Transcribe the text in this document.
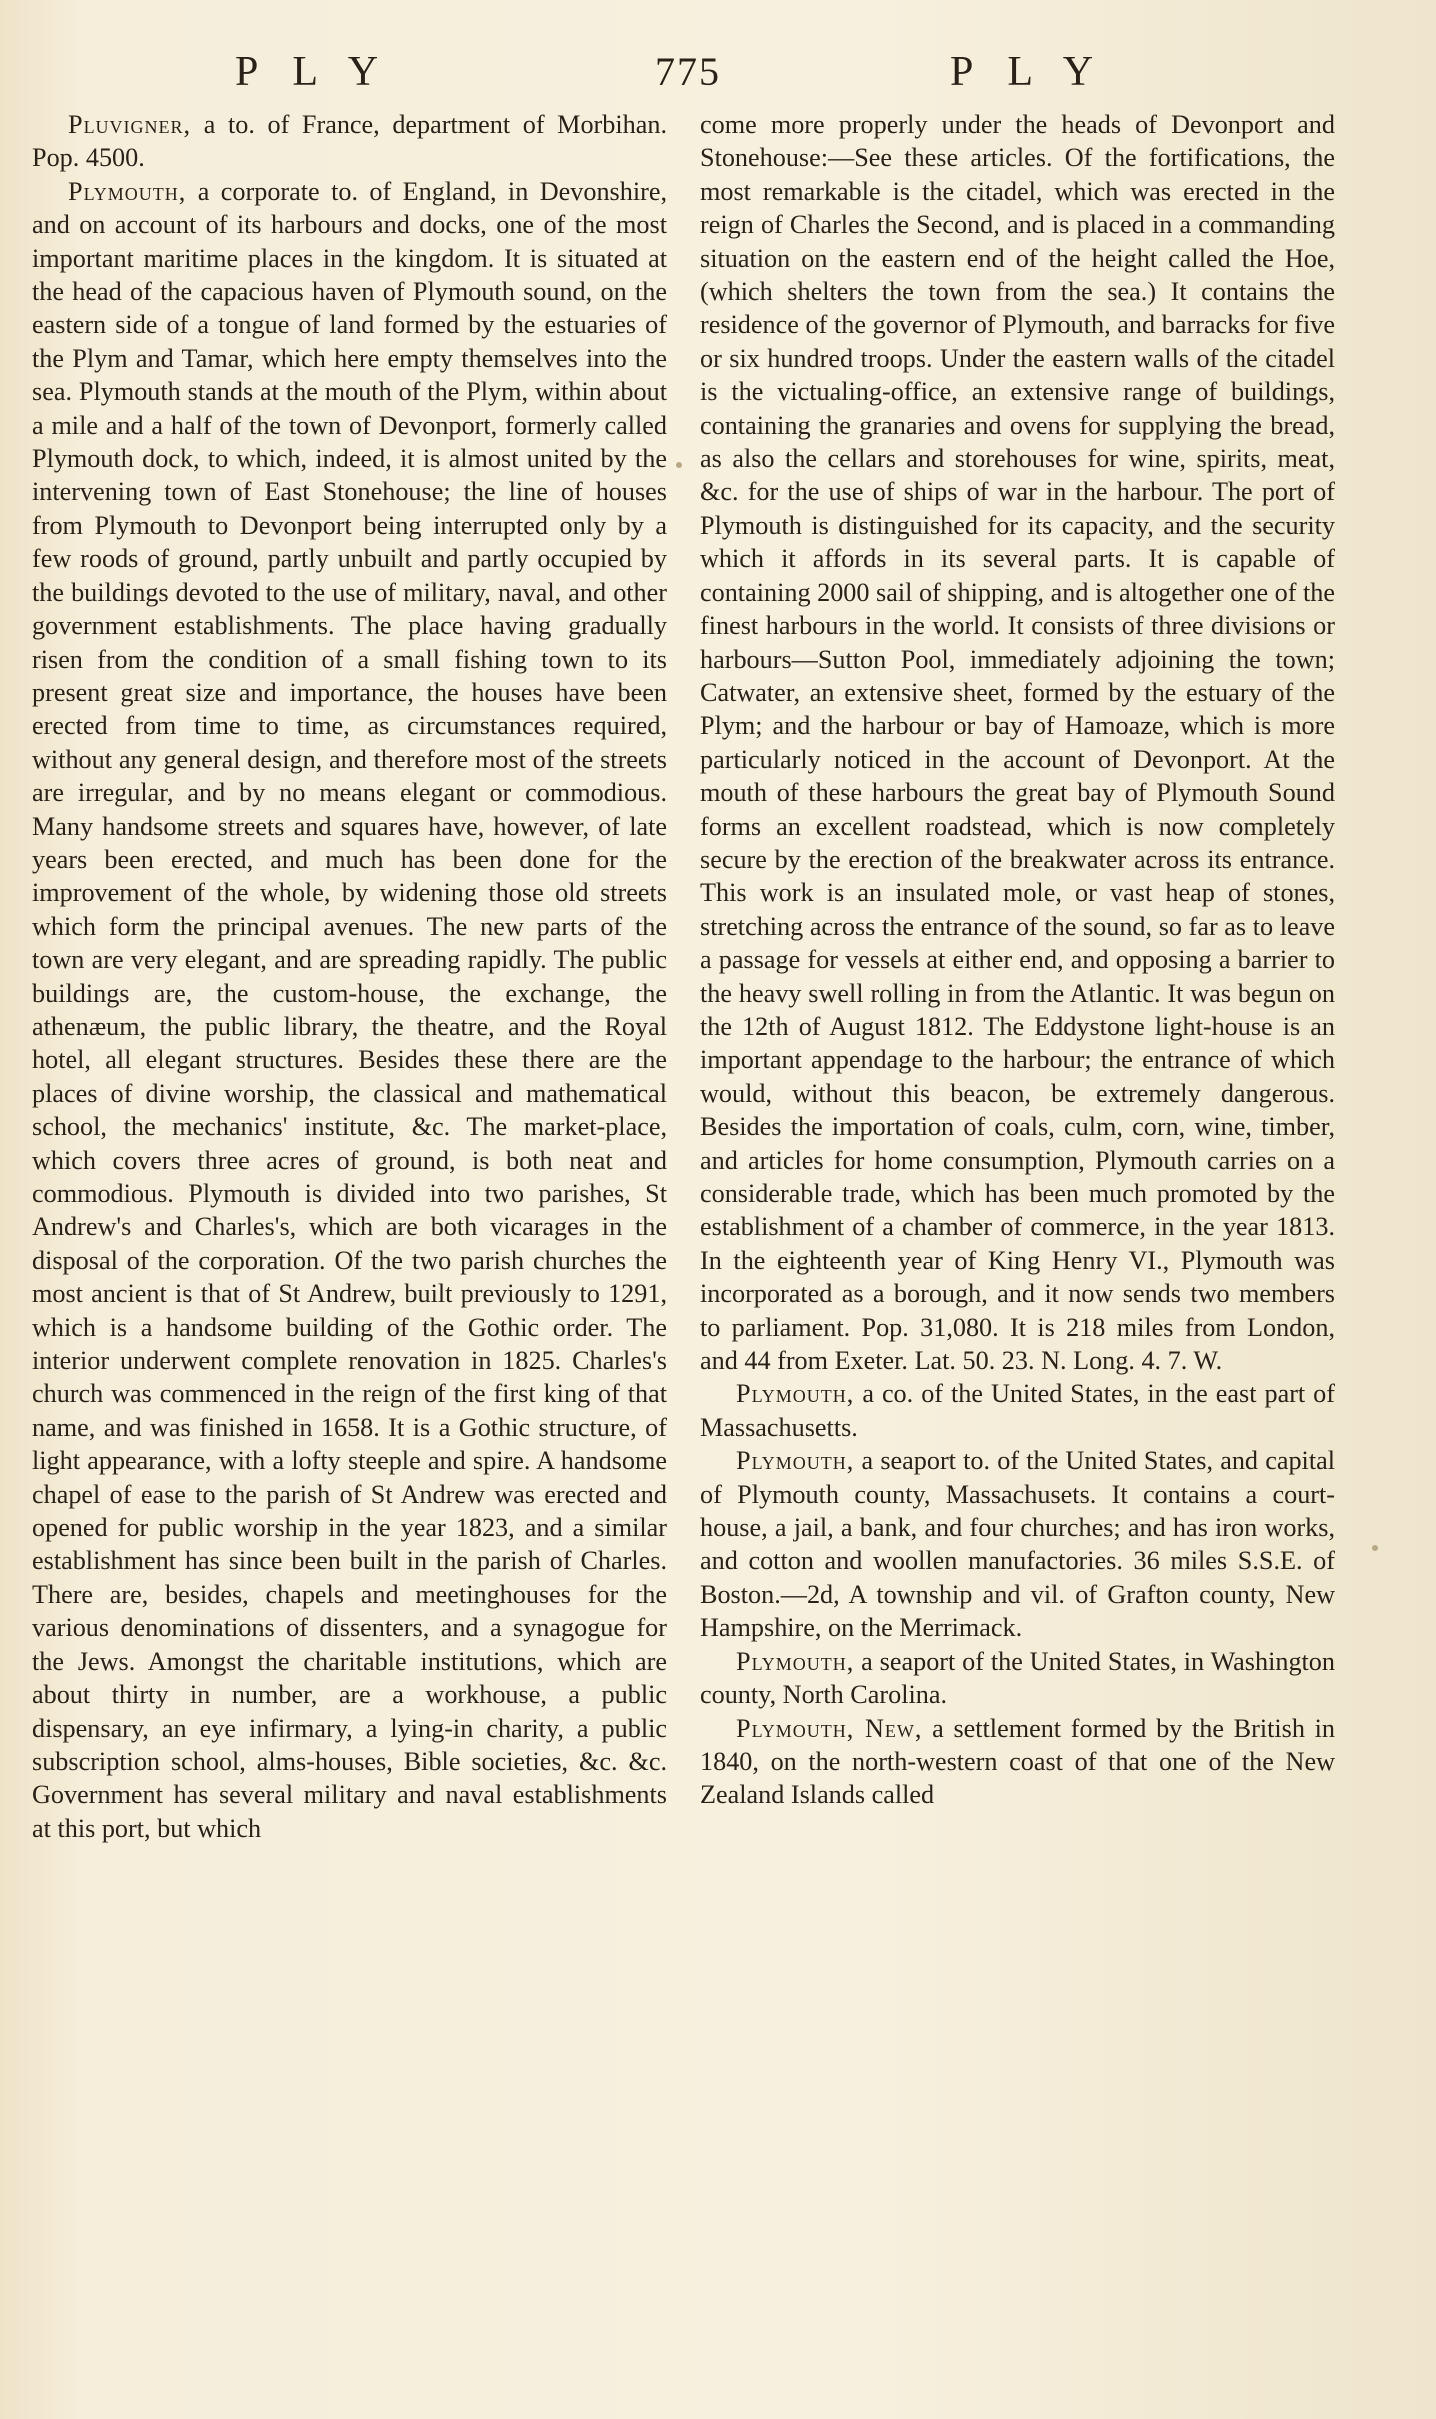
PLY	775	PLY

Pluvigner, a to. of France, department of Morbihan. Pop. 4500.

Plymouth, a corporate to. of England, in Devonshire, and on account of its harbours and docks, one of the most important maritime places in the kingdom. It is situated at the head of the capacious haven of Plymouth sound, on the eastern side of a tongue of land formed by the estuaries of the Plym and Tamar, which here empty themselves into the sea. Plymouth stands at the mouth of the Plym, within about a mile and a half of the town of Devonport, formerly called Plymouth dock, to which, indeed, it is almost united by the intervening town of East Stonehouse; the line of houses from Plymouth to Devonport being interrupted only by a few roods of ground, partly unbuilt and partly occupied by the buildings devoted to the use of military, naval, and other government establishments. The place having gradually risen from the condition of a small fishing town to its present great size and importance, the houses have been erected from time to time, as circumstances required, without any general design, and therefore most of the streets are irregular, and by no means elegant or commodious. Many handsome streets and squares have, however, of late years been erected, and much has been done for the improvement of the whole, by widening those old streets which form the principal avenues. The new parts of the town are very elegant, and are spreading rapidly. The public buildings are, the custom-house, the exchange, the athenæum, the public library, the theatre, and the Royal hotel, all elegant structures. Besides these there are the places of divine worship, the classical and mathematical school, the mechanics' institute, &c. The market-place, which covers three acres of ground, is both neat and commodious. Plymouth is divided into two parishes, St Andrew's and Charles's, which are both vicarages in the disposal of the corporation. Of the two parish churches the most ancient is that of St Andrew, built previously to 1291, which is a handsome building of the Gothic order. The interior underwent complete renovation in 1825. Charles's church was commenced in the reign of the first king of that name, and was finished in 1658. It is a Gothic structure, of light appearance, with a lofty steeple and spire. A handsome chapel of ease to the parish of St Andrew was erected and opened for public worship in the year 1823, and a similar establishment has since been built in the parish of Charles. There are, besides, chapels and meetinghouses for the various denominations of dissenters, and a synagogue for the Jews. Amongst the charitable institutions, which are about thirty in number, are a workhouse, a public dispensary, an eye infirmary, a lying-in charity, a public subscription school, alms-houses, Bible societies, &c. &c. Government has several military and naval establishments at this port, but which

come more properly under the heads of Devonport and Stonehouse:—See these articles. Of the fortifications, the most remarkable is the citadel, which was erected in the reign of Charles the Second, and is placed in a commanding situation on the eastern end of the height called the Hoe, (which shelters the town from the sea.) It contains the residence of the governor of Plymouth, and barracks for five or six hundred troops. Under the eastern walls of the citadel is the victualing-office, an extensive range of buildings, containing the granaries and ovens for supplying the bread, as also the cellars and storehouses for wine, spirits, meat, &c. for the use of ships of war in the harbour. The port of Plymouth is distinguished for its capacity, and the security which it affords in its several parts. It is capable of containing 2000 sail of shipping, and is altogether one of the finest harbours in the world. It consists of three divisions or harbours—Sutton Pool, immediately adjoining the town; Catwater, an extensive sheet, formed by the estuary of the Plym; and the harbour or bay of Hamoaze, which is more particularly noticed in the account of Devonport. At the mouth of these harbours the great bay of Plymouth Sound forms an excellent roadstead, which is now completely secure by the erection of the breakwater across its entrance. This work is an insulated mole, or vast heap of stones, stretching across the entrance of the sound, so far as to leave a passage for vessels at either end, and opposing a barrier to the heavy swell rolling in from the Atlantic. It was begun on the 12th of August 1812. The Eddystone light-house is an important appendage to the harbour; the entrance of which would, without this beacon, be extremely dangerous. Besides the importation of coals, culm, corn, wine, timber, and articles for home consumption, Plymouth carries on a considerable trade, which has been much promoted by the establishment of a chamber of commerce, in the year 1813. In the eighteenth year of King Henry VI., Plymouth was incorporated as a borough, and it now sends two members to parliament. Pop. 31,080. It is 218 miles from London, and 44 from Exeter. Lat. 50. 23. N. Long. 4. 7. W.

Plymouth, a co. of the United States, in the east part of Massachusetts.

Plymouth, a seaport to. of the United States, and capital of Plymouth county, Massachusets. It contains a court-house, a jail, a bank, and four churches; and has iron works, and cotton and woollen manufactories. 36 miles S.S.E. of Boston.—2d, A township and vil. of Grafton county, New Hampshire, on the Merrimack.

Plymouth, a seaport of the United States, in Washington county, North Carolina.

Plymouth, New, a settlement formed by the British in 1840, on the north-western coast of that one of the New Zealand Islands called
